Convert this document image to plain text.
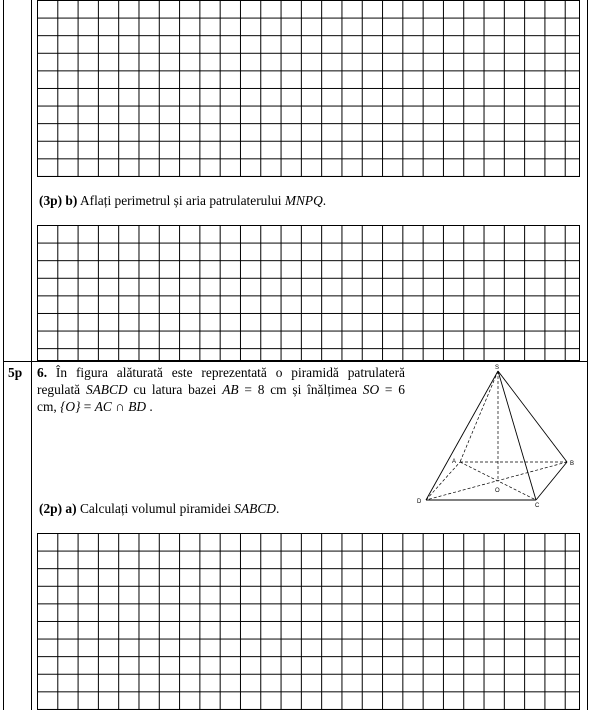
(3p) b) Aflați perimetrul și aria patrulaterului MNPQ.
5p 6. În figura alăturată este reprezentată o piramidă patrulateră
regulată SABCD cu latura bazei AB = 8 cm și înălțimea SO = 6
cm, {O} = AC ∩ BD .
S
A	B
C
D
O
(2p) a) Calculați volumul piramidei SABCD.
